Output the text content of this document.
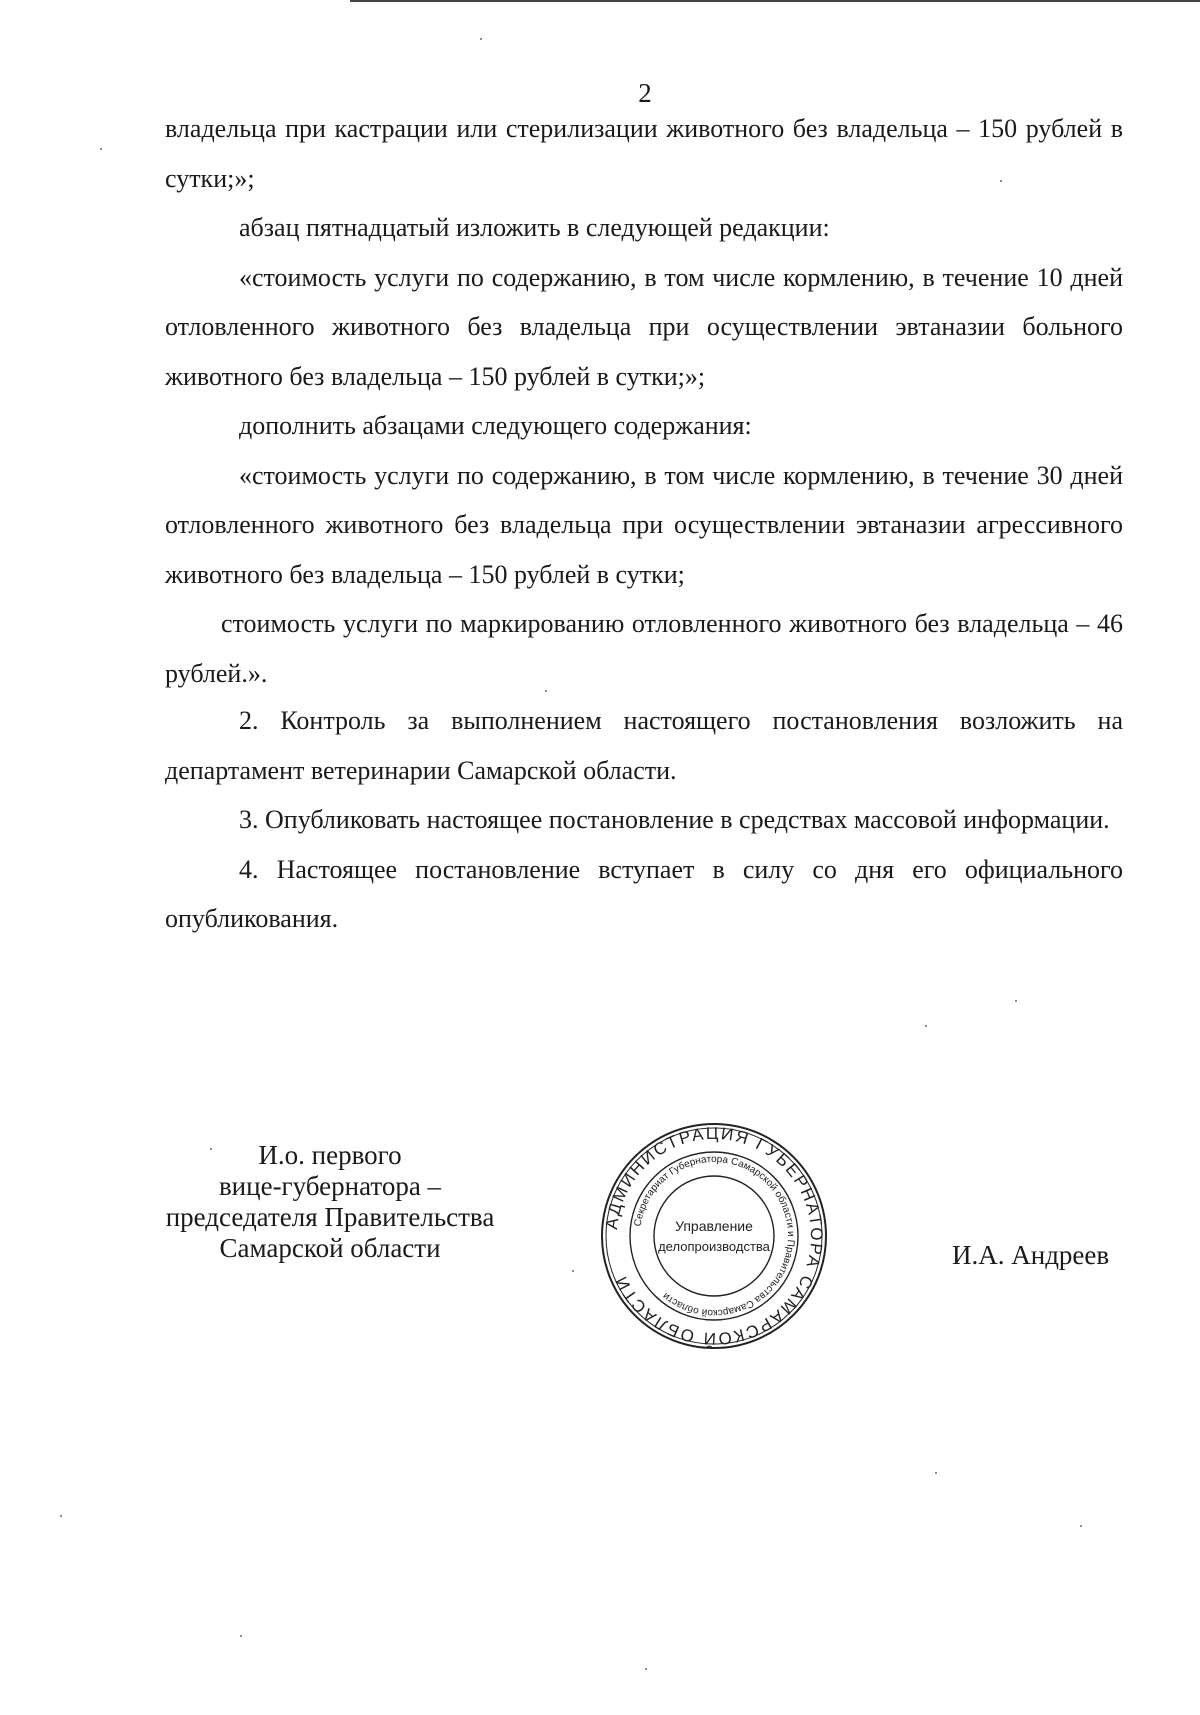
2

владельца при кастрации или стерилизации животного без владельца – 150 рублей в сутки;»;

абзац пятнадцатый изложить в следующей редакции:

«стоимость услуги по содержанию, в том числе кормлению, в течение 10 дней отловленного животного без владельца при осуществлении эвтаназии больного животного без владельца – 150 рублей в сутки;»;

дополнить абзацами следующего содержания:

«стоимость услуги по содержанию, в том числе кормлению, в течение 30 дней отловленного животного без владельца при осуществлении эвтаназии агрессивного животного без владельца – 150 рублей в сутки;

стоимость услуги по маркированию отловленного животного без владельца – 46 рублей.».

2. Контроль за выполнением настоящего постановления возложить на департамент ветеринарии Самарской области.

3. Опубликовать настоящее постановление в средствах массовой информации.

4. Настоящее постановление вступает в силу со дня его официального опубликования.

И.о. первого
вице-губернатора –
председателя Правительства
Самарской области
АДМИНИСТРАЦИЯ ГУБЕРНАТОРА САМАРСКОЙ ОБЛАСТИ
Секретариат Губернатора Самарской области и Правительства Самарской области
Управление
делопроизводства	И.А. Андреев
